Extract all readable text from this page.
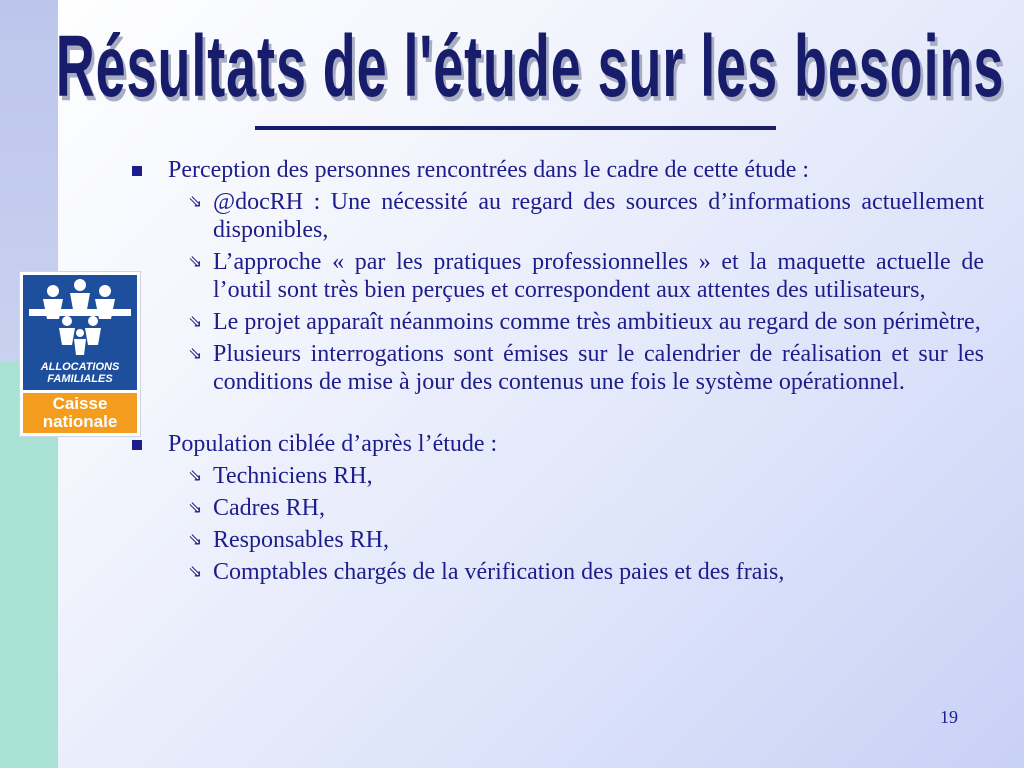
Résultats de l'étude sur les besoins
ALLOCATIONS
FAMILIALES
Caisse
nationale
Perception des personnes rencontrées dans le cadre de cette étude :
⇘ @docRH : Une nécessité au regard des sources d’informations actuellement disponibles,
⇘ L’approche « par les pratiques professionnelles » et la maquette actuelle de l’outil sont très bien perçues et correspondent aux attentes des utilisateurs,
⇘ Le projet apparaît néanmoins comme très ambitieux au regard de son périmètre,
⇘ Plusieurs interrogations sont émises sur le calendrier de réalisation et sur les conditions de mise à jour des contenus une fois le système opérationnel.
Population ciblée d’après l’étude :
⇘ Techniciens RH,
⇘ Cadres RH,
⇘ Responsables RH,
⇘ Comptables chargés de la vérification des paies et des frais,
19
